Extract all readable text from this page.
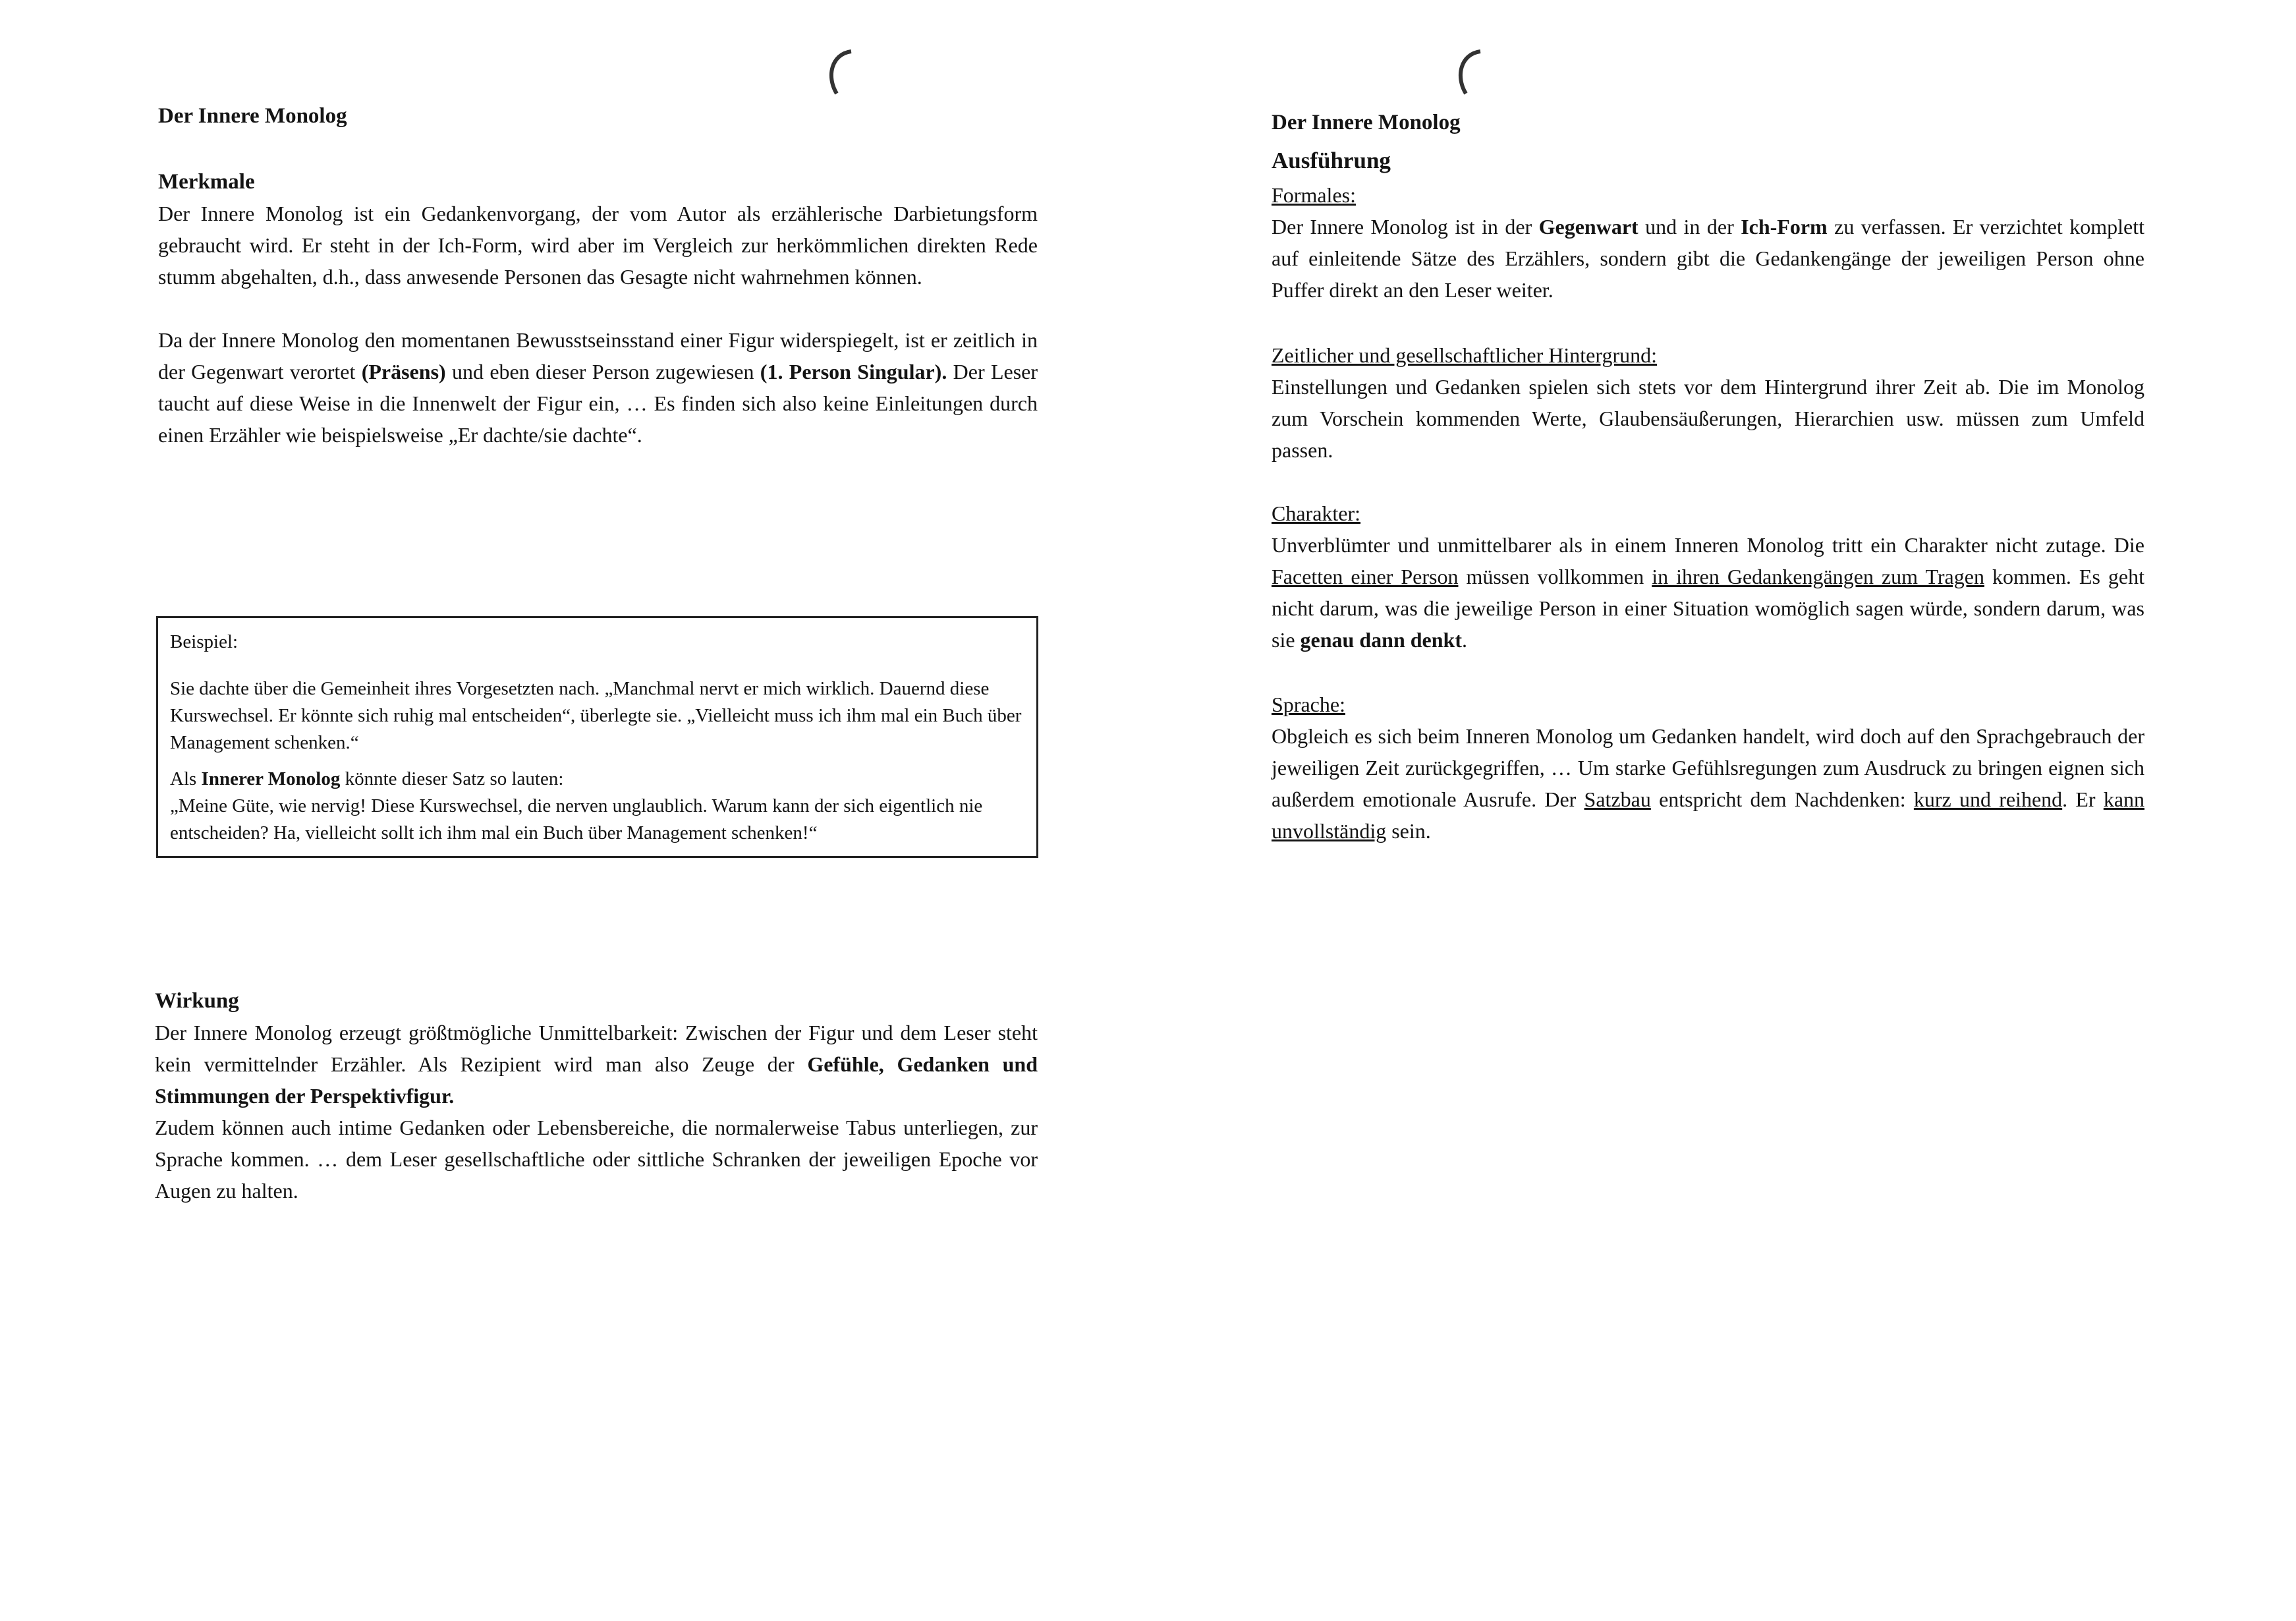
Der Innere Monolog
Merkmale

Der Innere Monolog ist ein Gedankenvorgang, der vom Autor als erzählerische Darbietungsform gebraucht wird. Er steht in der Ich-Form, wird aber im Vergleich zur herkömmlichen direkten Rede stumm abgehalten, d.h., dass anwesende Personen das Gesagte nicht wahrnehmen können.

Da der Innere Monolog den momentanen Bewusstseinsstand einer Figur widerspiegelt, ist er zeitlich in der Gegenwart verortet (Präsens) und eben dieser Person zugewiesen (1. Person Singular). Der Leser taucht auf diese Weise in die Innenwelt der Figur ein, … Es finden sich also keine Einleitungen durch einen Erzähler wie beispielsweise „Er dachte/sie dachte“.

Beispiel:

Sie dachte über die Gemeinheit ihres Vorgesetzten nach. „Manchmal nervt er mich wirklich. Dauernd diese Kurswechsel. Er könnte sich ruhig mal entscheiden“, überlegte sie. „Vielleicht muss ich ihm mal ein Buch über Management schenken.“

Als Innerer Monolog könnte dieser Satz so lauten:

„Meine Güte, wie nervig! Diese Kurswechsel, die nerven unglaublich. Warum kann der sich eigentlich nie entscheiden? Ha, vielleicht sollt ich ihm mal ein Buch über Management schenken!“

Wirkung

Der Innere Monolog erzeugt größtmögliche Unmittelbarkeit: Zwischen der Figur und dem Leser steht kein vermittelnder Erzähler. Als Rezipient wird man also Zeuge der Gefühle, Gedanken und Stimmungen der Perspektivfigur.

Zudem können auch intime Gedanken oder Lebensbereiche, die normalerweise Tabus unterliegen, zur Sprache kommen. … dem Leser gesellschaftliche oder sittliche Schranken der jeweiligen Epoche vor Augen zu halten.

Der Innere Monolog
Ausführung
Formales:

Der Innere Monolog ist in der Gegenwart und in der Ich-Form zu verfassen. Er verzichtet komplett auf einleitende Sätze des Erzählers, sondern gibt die Gedankengänge der jeweiligen Person ohne Puffer direkt an den Leser weiter.

Zeitlicher und gesellschaftlicher Hintergrund:

Einstellungen und Gedanken spielen sich stets vor dem Hintergrund ihrer Zeit ab. Die im Monolog zum Vorschein kommenden Werte, Glaubensäußerungen, Hierarchien usw. müssen zum Umfeld passen.

Charakter:

Unverblümter und unmittelbarer als in einem Inneren Monolog tritt ein Charakter nicht zutage. Die Facetten einer Person müssen vollkommen in ihren Gedankengängen zum Tragen kommen. Es geht nicht darum, was die jeweilige Person in einer Situation womöglich sagen würde, sondern darum, was sie genau dann denkt.

Sprache:

Obgleich es sich beim Inneren Monolog um Gedanken handelt, wird doch auf den Sprachgebrauch der jeweiligen Zeit zurückgegriffen, … Um starke Gefühlsregungen zum Ausdruck zu bringen eignen sich außerdem emotionale Ausrufe. Der Satzbau entspricht dem Nachdenken: kurz und reihend. Er kann unvollständig sein.
